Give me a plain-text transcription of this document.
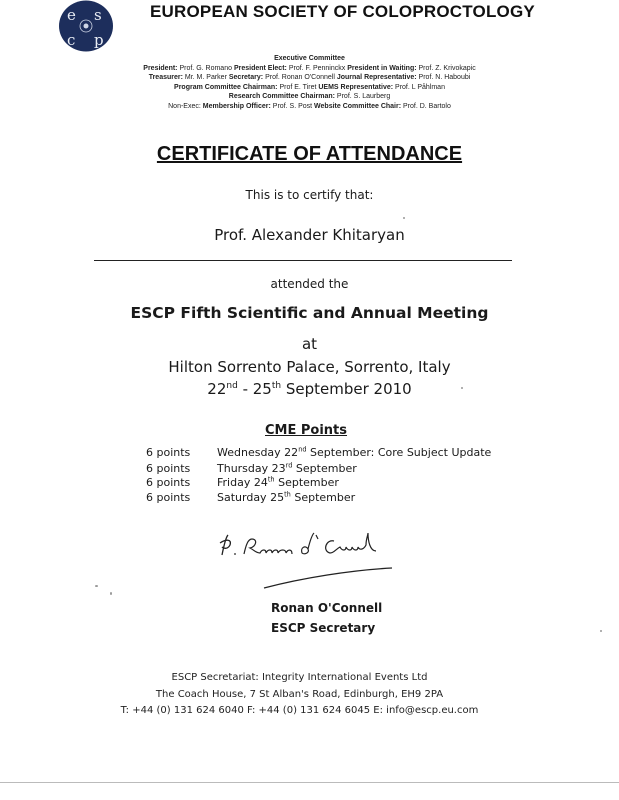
e s
c p
EUROPEAN SOCIETY OF COLOPROCTOLOGY
Executive Committee
President: Prof. G. Romano President Elect: Prof. F. Penninckx President in Waiting: Prof. Z. Krivokapic
Treasurer: Mr. M. Parker Secretary: Prof. Ronan O'Connell Journal Representative: Prof. N. Haboubi
Program Committee Chairman: Prof E. Tiret UEMS Representative: Prof. L Påhlman
Research Committee Chairman: Prof. S. Laurberg
Non-Exec: Membership Officer: Prof. S. Post Website Committee Chair: Prof. D. Bartolo
CERTIFICATE OF ATTENDANCE
This is to certify that:
Prof. Alexander Khitaryan
attended the
ESCP Fifth Scientific and Annual Meeting
at
Hilton Sorrento Palace, Sorrento, Italy
22nd - 25th September 2010
CME Points
6 points Wednesday 22nd September: Core Subject Update
6 points Thursday 23rd September
6 points Friday 24th September
6 points Saturday 25th September
Ronan O'Connell
ESCP Secretary
ESCP Secretariat: Integrity International Events Ltd
The Coach House, 7 St Alban's Road, Edinburgh, EH9 2PA
T: +44 (0) 131 624 6040 F: +44 (0) 131 624 6045 E: info@escp.eu.com
